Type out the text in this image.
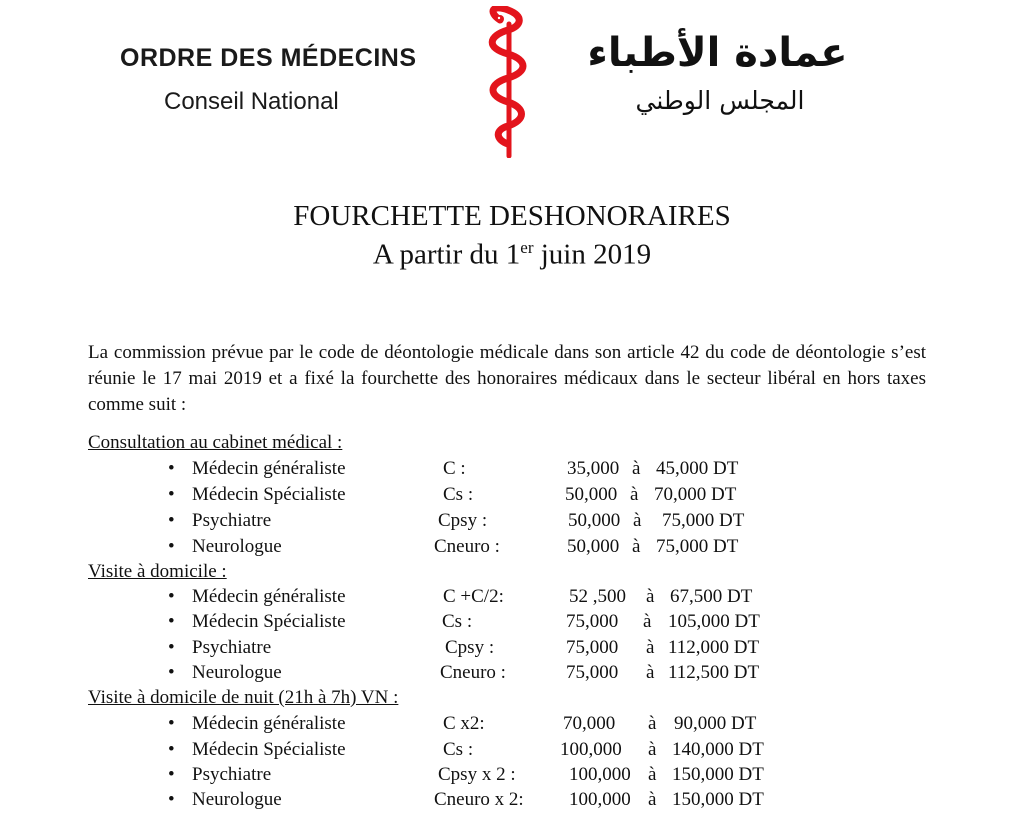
ORDRE DES MÉDECINS
Conseil National
عمادة الأطباء
المجلس الوطني
FOURCHETTE DESHONORAIRES
A partir du 1er juin 2019
La commission prévue par le code de déontologie médicale dans son article 42 du code de déontologie s’est réunie le 17 mai 2019 et a fixé la fourchette des honoraires médicaux dans le secteur libéral en hors taxes comme suit :
Consultation au cabinet médical :
• Médecin généraliste	C :	35,000 à 45,000 DT
• Médecin Spécialiste	Cs :	50,000 à 70,000 DT
• Psychiatre	Cpsy :	50,000 à 75,000 DT
• Neurologue	Cneuro :	50,000 à 75,000 DT
Visite à domicile :
• Médecin généraliste	C +C/2:	52 ,500 à 67,500 DT
• Médecin Spécialiste	Cs :	75,000 à 105,000 DT
• Psychiatre	Cpsy :	75,000 à 112,000 DT
• Neurologue	Cneuro :	75,000 à 112,500 DT
Visite à domicile de nuit (21h à 7h) VN :
• Médecin généraliste	C x2:	70,000 à 90,000 DT
• Médecin Spécialiste	Cs :	100,000 à 140,000 DT
• Psychiatre	Cpsy x 2 :	100,000 à 150,000 DT
• Neurologue	Cneuro x 2: 100,000 à 150,000 DT
